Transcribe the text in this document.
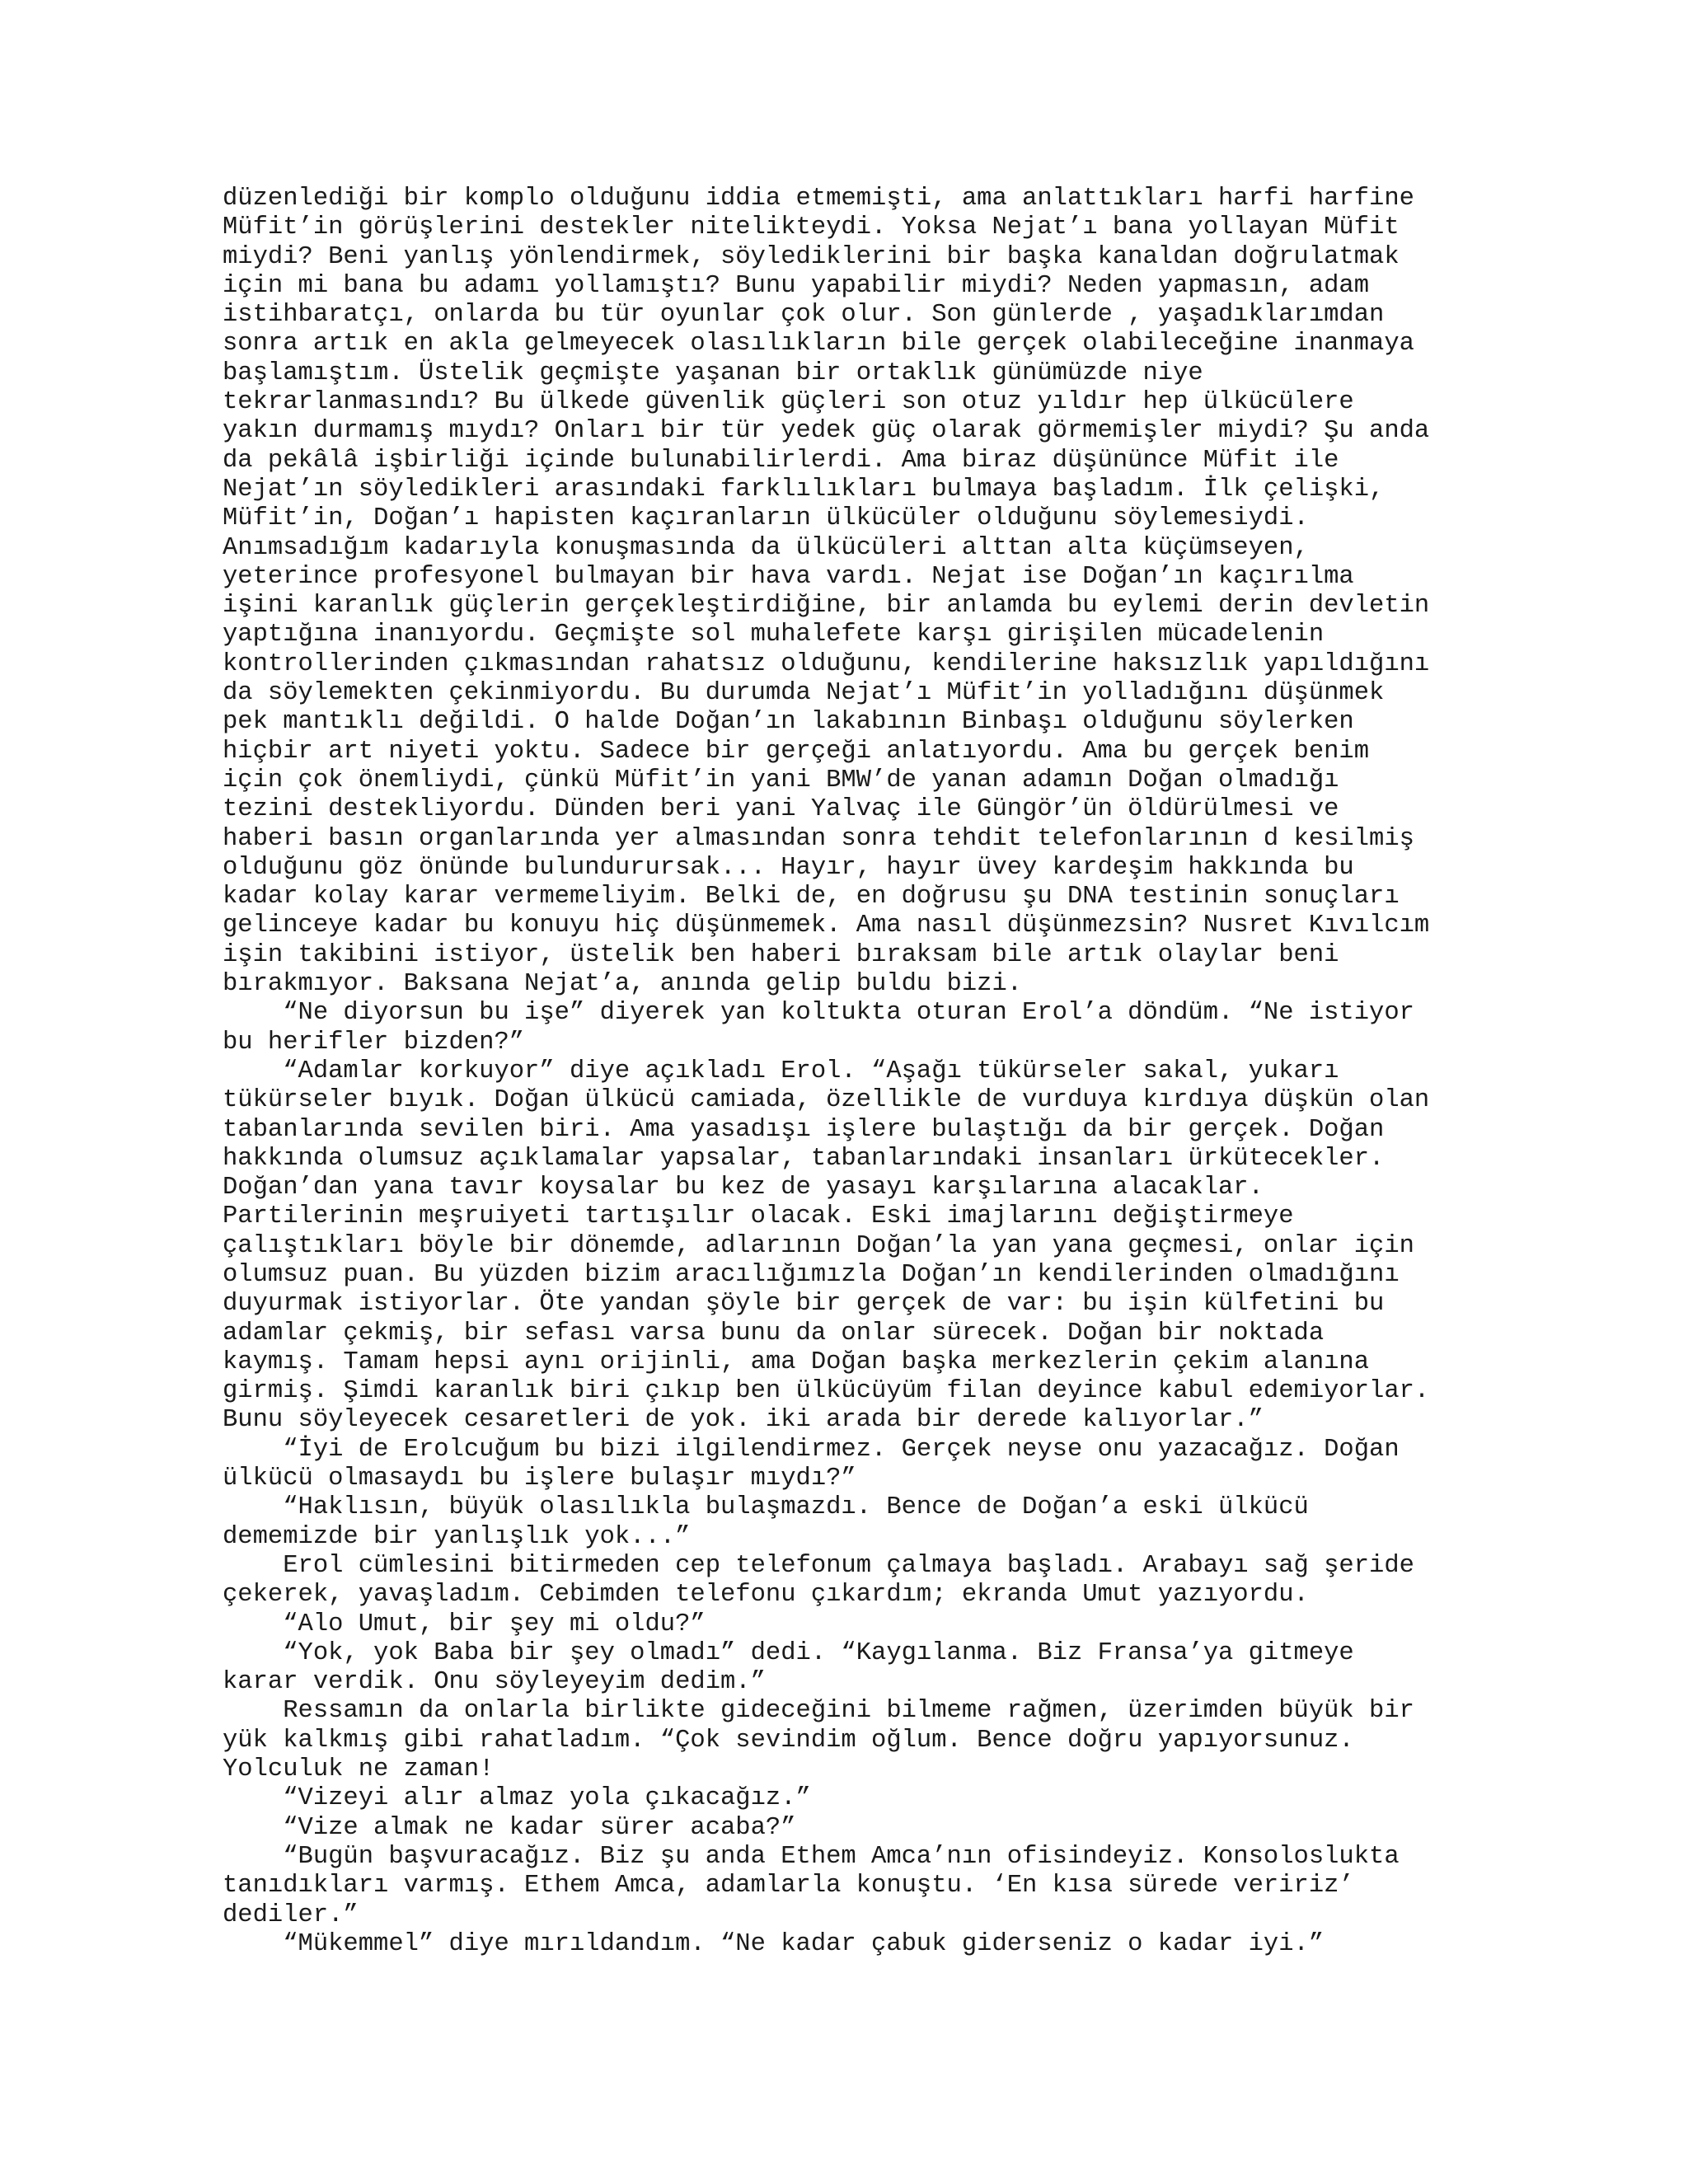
düzenlediği bir komplo olduğunu iddia etmemişti, ama anlattıkları harfi harfine
Müfit’in görüşlerini destekler nitelikteydi. Yoksa Nejat’ı bana yollayan Müfit
miydi? Beni yanlış yönlendirmek, söylediklerini bir başka kanaldan doğrulatmak
için mi bana bu adamı yollamıştı? Bunu yapabilir miydi? Neden yapmasın, adam
istihbaratçı, onlarda bu tür oyunlar çok olur. Son günlerde , yaşadıklarımdan
sonra artık en akla gelmeyecek olasılıkların bile gerçek olabileceğine inanmaya
başlamıştım. Üstelik geçmişte yaşanan bir ortaklık günümüzde niye
tekrarlanmasındı? Bu ülkede güvenlik güçleri son otuz yıldır hep ülkücülere
yakın durmamış mıydı? Onları bir tür yedek güç olarak görmemişler miydi? Şu anda
da pekâlâ işbirliği içinde bulunabilirlerdi. Ama biraz düşününce Müfit ile
Nejat’ın söyledikleri arasındaki farklılıkları bulmaya başladım. İlk çelişki,
Müfit’in, Doğan’ı hapisten kaçıranların ülkücüler olduğunu söylemesiydi.
Anımsadığım kadarıyla konuşmasında da ülkücüleri alttan alta küçümseyen,
yeterince profesyonel bulmayan bir hava vardı. Nejat ise Doğan’ın kaçırılma
işini karanlık güçlerin gerçekleştirdiğine, bir anlamda bu eylemi derin devletin
yaptığına inanıyordu. Geçmişte sol muhalefete karşı girişilen mücadelenin
kontrollerinden çıkmasından rahatsız olduğunu, kendilerine haksızlık yapıldığını
da söylemekten çekinmiyordu. Bu durumda Nejat’ı Müfit’in yolladığını düşünmek
pek mantıklı değildi. O halde Doğan’ın lakabının Binbaşı olduğunu söylerken
hiçbir art niyeti yoktu. Sadece bir gerçeği anlatıyordu. Ama bu gerçek benim
için çok önemliydi, çünkü Müfit’in yani BMW’de yanan adamın Doğan olmadığı
tezini destekliyordu. Dünden beri yani Yalvaç ile Güngör’ün öldürülmesi ve
haberi basın organlarında yer almasından sonra tehdit telefonlarının d kesilmiş
olduğunu göz önünde bulundurursak... Hayır, hayır üvey kardeşim hakkında bu
kadar kolay karar vermemeliyim. Belki de, en doğrusu şu DNA testinin sonuçları
gelinceye kadar bu konuyu hiç düşünmemek. Ama nasıl düşünmezsin? Nusret Kıvılcım
işin takibini istiyor, üstelik ben haberi bıraksam bile artık olaylar beni
bırakmıyor. Baksana Nejat’a, anında gelip buldu bizi.
“Ne diyorsun bu işe” diyerek yan koltukta oturan Erol’a döndüm. “Ne istiyor
bu herifler bizden?”
“Adamlar korkuyor” diye açıkladı Erol. “Aşağı tükürseler sakal, yukarı
tükürseler bıyık. Doğan ülkücü camiada, özellikle de vurduya kırdıya düşkün olan
tabanlarında sevilen biri. Ama yasadışı işlere bulaştığı da bir gerçek. Doğan
hakkında olumsuz açıklamalar yapsalar, tabanlarındaki insanları ürkütecekler.
Doğan’dan yana tavır koysalar bu kez de yasayı karşılarına alacaklar.
Partilerinin meşruiyeti tartışılır olacak. Eski imajlarını değiştirmeye
çalıştıkları böyle bir dönemde, adlarının Doğan’la yan yana geçmesi, onlar için
olumsuz puan. Bu yüzden bizim aracılığımızla Doğan’ın kendilerinden olmadığını
duyurmak istiyorlar. Öte yandan şöyle bir gerçek de var: bu işin külfetini bu
adamlar çekmiş, bir sefası varsa bunu da onlar sürecek. Doğan bir noktada
kaymış. Tamam hepsi aynı orijinli, ama Doğan başka merkezlerin çekim alanına
girmiş. Şimdi karanlık biri çıkıp ben ülkücüyüm filan deyince kabul edemiyorlar.
Bunu söyleyecek cesaretleri de yok. iki arada bir derede kalıyorlar.”
“İyi de Erolcuğum bu bizi ilgilendirmez. Gerçek neyse onu yazacağız. Doğan
ülkücü olmasaydı bu işlere bulaşır mıydı?”
“Haklısın, büyük olasılıkla bulaşmazdı. Bence de Doğan’a eski ülkücü
dememizde bir yanlışlık yok...”
Erol cümlesini bitirmeden cep telefonum çalmaya başladı. Arabayı sağ şeride
çekerek, yavaşladım. Cebimden telefonu çıkardım; ekranda Umut yazıyordu.
“Alo Umut, bir şey mi oldu?”
“Yok, yok Baba bir şey olmadı” dedi. “Kaygılanma. Biz Fransa’ya gitmeye
karar verdik. Onu söyleyeyim dedim.”
Ressamın da onlarla birlikte gideceğini bilmeme rağmen, üzerimden büyük bir
yük kalkmış gibi rahatladım. “Çok sevindim oğlum. Bence doğru yapıyorsunuz.
Yolculuk ne zaman!
“Vizeyi alır almaz yola çıkacağız.”
“Vize almak ne kadar sürer acaba?”
“Bugün başvuracağız. Biz şu anda Ethem Amca’nın ofisindeyiz. Konsoloslukta
tanıdıkları varmış. Ethem Amca, adamlarla konuştu. ‘En kısa sürede veririz’
dediler.”
“Mükemmel” diye mırıldandım. “Ne kadar çabuk giderseniz o kadar iyi.”
